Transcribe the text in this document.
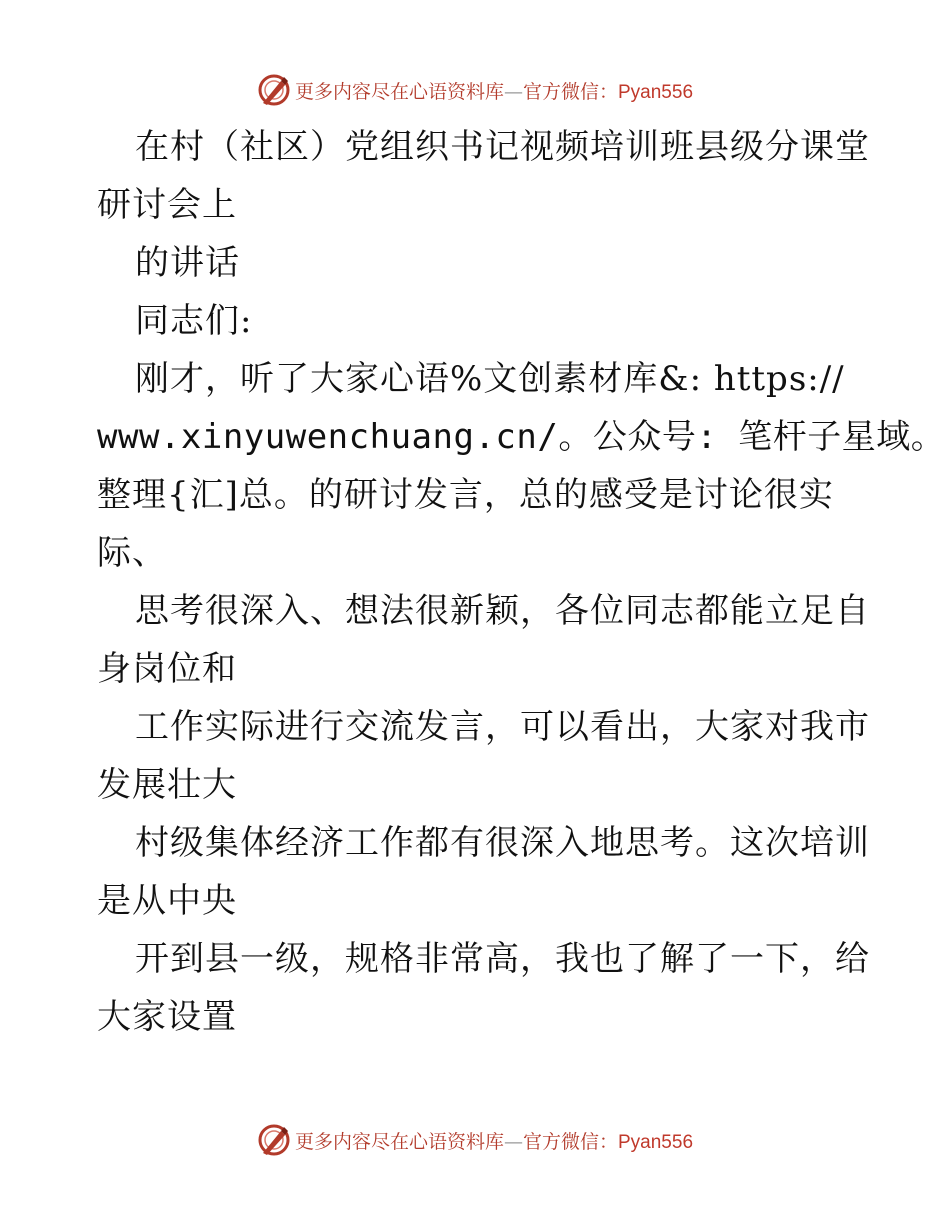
更多内容尽在心语资料库—官方微信：Pyan556
在村（社区）党组织书记视频培训班县级分课堂
研讨会上
的讲话
同志们:
刚才，听了大家心语%文创素材库&: https://
www.xinyuwenchuang.cn/。公众号: 笔杆子星域。
整理{汇]总。的研讨发言，总的感受是讨论很实
际、
思考很深入、想法很新颖，各位同志都能立足自
身岗位和
工作实际进行交流发言，可以看出，大家对我市
发展壮大
村级集体经济工作都有很深入地思考。这次培训
是从中央
开到县一级，规格非常高，我也了解了一下，给
大家设置
更多内容尽在心语资料库—官方微信：Pyan556
